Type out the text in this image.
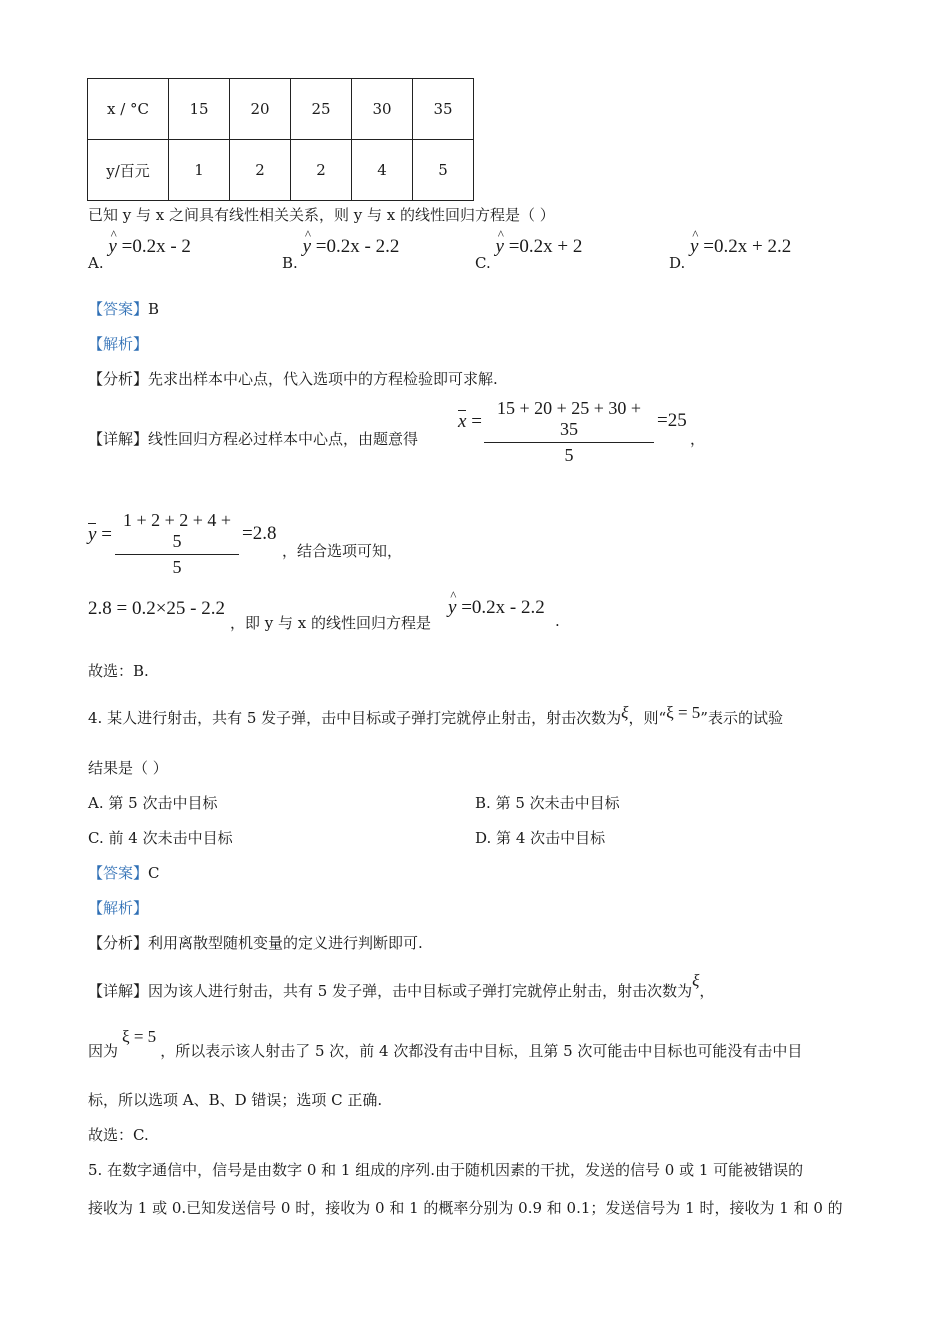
x / °C	15	20	25	30	35
y/百元	1	2	2	4	5
已知 y 与 x 之间具有线性相关关系，则 y 与 x 的线性回归方程是（ ）
A. ^ y =0.2x - 2
B. ^ y =0.2x - 2.2
C. ^ y =0.2x + 2
D. ^ y =0.2x + 2.2
【答案】B
【解析】
【分析】先求出样本中心点，代入选项中的方程检验即可求解.
【详解】线性回归方程必过样本中心点，由题意得
$x = \frac{15 + 20 + 25 + 30 + 35}{5} =25$
，
$y = \frac{1 + 2 + 2 + 4 + 5}{5} =2.8$
，结合选项可知，
2.8 = 0.2×25 - 2.2
，即 y 与 x 的线性回归方程是
^ y =0.2x - 2.2
.
故选：B.
4. 某人进行射击，共有 5 发子弹，击中目标或子弹打完就停止射击，射击次数为ξ，则“ξ = 5”表示的试验
结果是（ ）
A. 第 5 次击中目标	B. 第 5 次未击中目标
C. 前 4 次未击中目标	D. 第 4 次击中目标
【答案】C
【解析】
【分析】利用离散型随机变量的定义进行判断即可.
【详解】因为该人进行射击，共有 5 发子弹，击中目标或子弹打完就停止射击，射击次数为ξ，
因为ξ = 5，所以表示该人射击了 5 次，前 4 次都没有击中目标，且第 5 次可能击中目标也可能没有击中目
标，所以选项 A、B、D 错误；选项 C 正确.
故选：C.
5. 在数字通信中，信号是由数字 0 和 1 组成的序列.由于随机因素的干扰，发送的信号 0 或 1 可能被错误的
接收为 1 或 0.已知发送信号 0 时，接收为 0 和 1 的概率分别为 0.9 和 0.1；发送信号为 1 时，接收为 1 和 0 的
